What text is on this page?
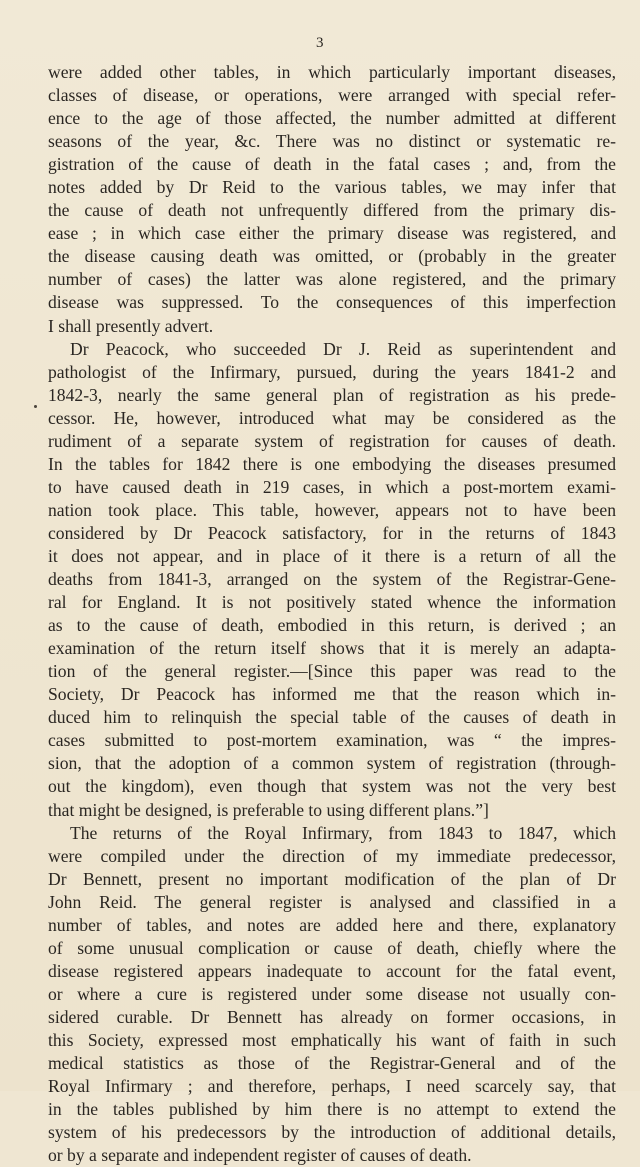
3
were added other tables, in which particularly important diseases,
classes of disease, or operations, were arranged with special refer-
ence to the age of those affected, the number admitted at different
seasons of the year, &c. There was no distinct or systematic re-
gistration of the cause of death in the fatal cases ; and, from the
notes added by Dr Reid to the various tables, we may infer that
the cause of death not unfrequently differed from the primary dis-
ease ; in which case either the primary disease was registered, and
the disease causing death was omitted, or (probably in the greater
number of cases) the latter was alone registered, and the primary
disease was suppressed. To the consequences of this imperfection
I shall presently advert.
Dr Peacock, who succeeded Dr J. Reid as superintendent and
pathologist of the Infirmary, pursued, during the years 1841-2 and
1842-3, nearly the same general plan of registration as his prede-
cessor. He, however, introduced what may be considered as the
rudiment of a separate system of registration for causes of death.
In the tables for 1842 there is one embodying the diseases presumed
to have caused death in 219 cases, in which a post-mortem exami-
nation took place. This table, however, appears not to have been
considered by Dr Peacock satisfactory, for in the returns of 1843
it does not appear, and in place of it there is a return of all the
deaths from 1841-3, arranged on the system of the Registrar-Gene-
ral for England. It is not positively stated whence the information
as to the cause of death, embodied in this return, is derived ; an
examination of the return itself shows that it is merely an adapta-
tion of the general register.—[Since this paper was read to the
Society, Dr Peacock has informed me that the reason which in-
duced him to relinquish the special table of the causes of death in
cases submitted to post-mortem examination, was “ the impres-
sion, that the adoption of a common system of registration (through-
out the kingdom), even though that system was not the very best
that might be designed, is preferable to using different plans.”]
The returns of the Royal Infirmary, from 1843 to 1847, which
were compiled under the direction of my immediate predecessor,
Dr Bennett, present no important modification of the plan of Dr
John Reid. The general register is analysed and classified in a
number of tables, and notes are added here and there, explanatory
of some unusual complication or cause of death, chiefly where the
disease registered appears inadequate to account for the fatal event,
or where a cure is registered under some disease not usually con-
sidered curable. Dr Bennett has already on former occasions, in
this Society, expressed most emphatically his want of faith in such
medical statistics as those of the Registrar-General and of the
Royal Infirmary ; and therefore, perhaps, I need scarcely say, that
in the tables published by him there is no attempt to extend the
system of his predecessors by the introduction of additional details,
or by a separate and independent register of causes of death.
